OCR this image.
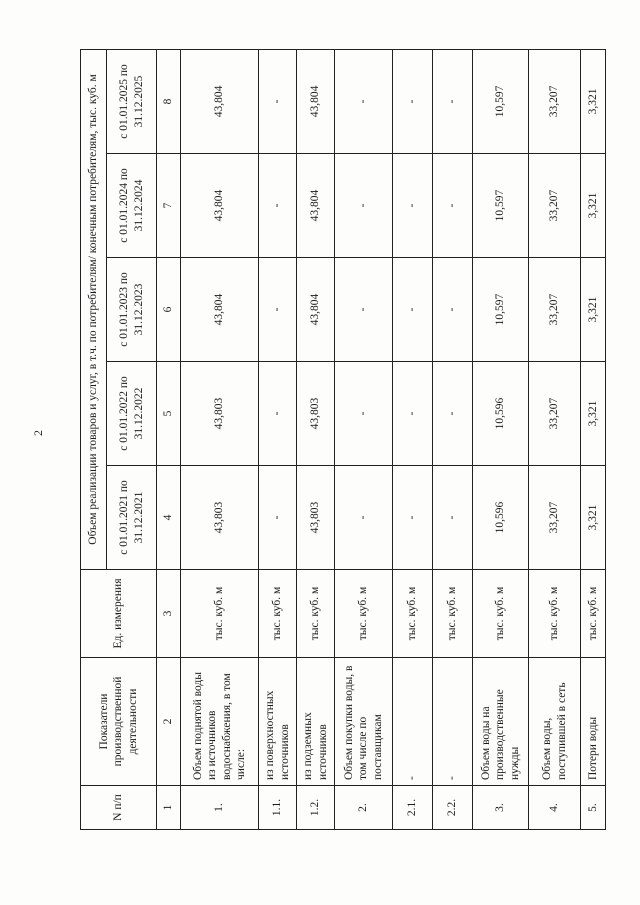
2
N п/п	Показатели производственной деятельности	Ед. измерения	Объем реализации товаров и услуг, в т.ч. по потребителям/ конечным потребителям, тыс. куб. м				
			с 01.01.2021 по 31.12.2021	с 01.01.2022 по 31.12.2022	с 01.01.2023 по 31.12.2023	с 01.01.2024 по 31.12.2024	с 01.01.2025 по 31.12.2025
1	2	3	4	5	6	7	8
1.	Объем поднятой воды из источников водоснабжения, в том числе:	тыс. куб. м	43,803	43,803	43,804	43,804	43,804
1.1.	из поверхностных источников	тыс. куб. м	-	-	-	-	-
1.2.	из подземных источников	тыс. куб. м	43,803	43,803	43,804	43,804	43,804
2.	Объем покупки воды, в том числе по поставщикам	тыс. куб. м	-	-	-	-	-
2.1.	-	тыс. куб. м	-	-	-	-	-
2.2.	-	тыс. куб. м	-	-	-	-	-
3.	Объем воды на производственные нужды	тыс. куб. м	10,596	10,596	10,597	10,597	10,597
4.	Объем воды, поступившей в сеть	тыс. куб. м	33,207	33,207	33,207	33,207	33,207
5.	Потери воды	тыс. куб. м	3,321	3,321	3,321	3,321	3,321
